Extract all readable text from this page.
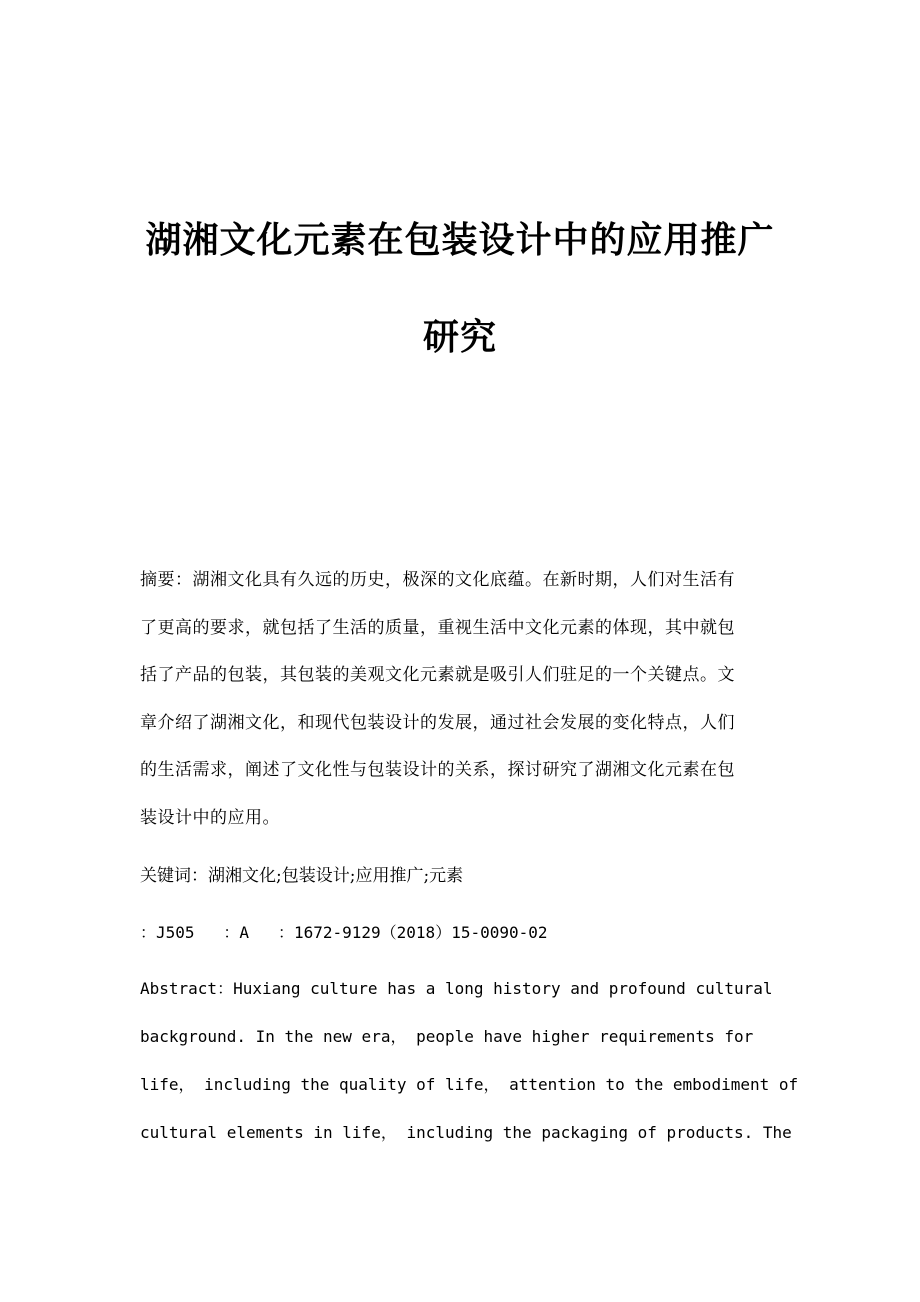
湖湘文化元素在包装设计中的应用推广
研究
摘要：湖湘文化具有久远的历史，极深的文化底蕴。在新时期，人们对生活有
了更高的要求，就包括了生活的质量，重视生活中文化元素的体现，其中就包
括了产品的包装，其包装的美观文化元素就是吸引人们驻足的一个关键点。文
章介绍了湖湘文化，和现代包装设计的发展，通过社会发展的变化特点，人们
的生活需求，阐述了文化性与包装设计的关系，探讨研究了湖湘文化元素在包
装设计中的应用。
关键词：湖湘文化;包装设计;应用推广;元素
：J505   ：A   ：1672-9129（2018）15-0090-02
Abstract：Huxiang culture has a long history and profound cultural
background. In the new era， people have higher requirements for
life， including the quality of life， attention to the embodiment of
cultural elements in life， including the packaging of products. The
